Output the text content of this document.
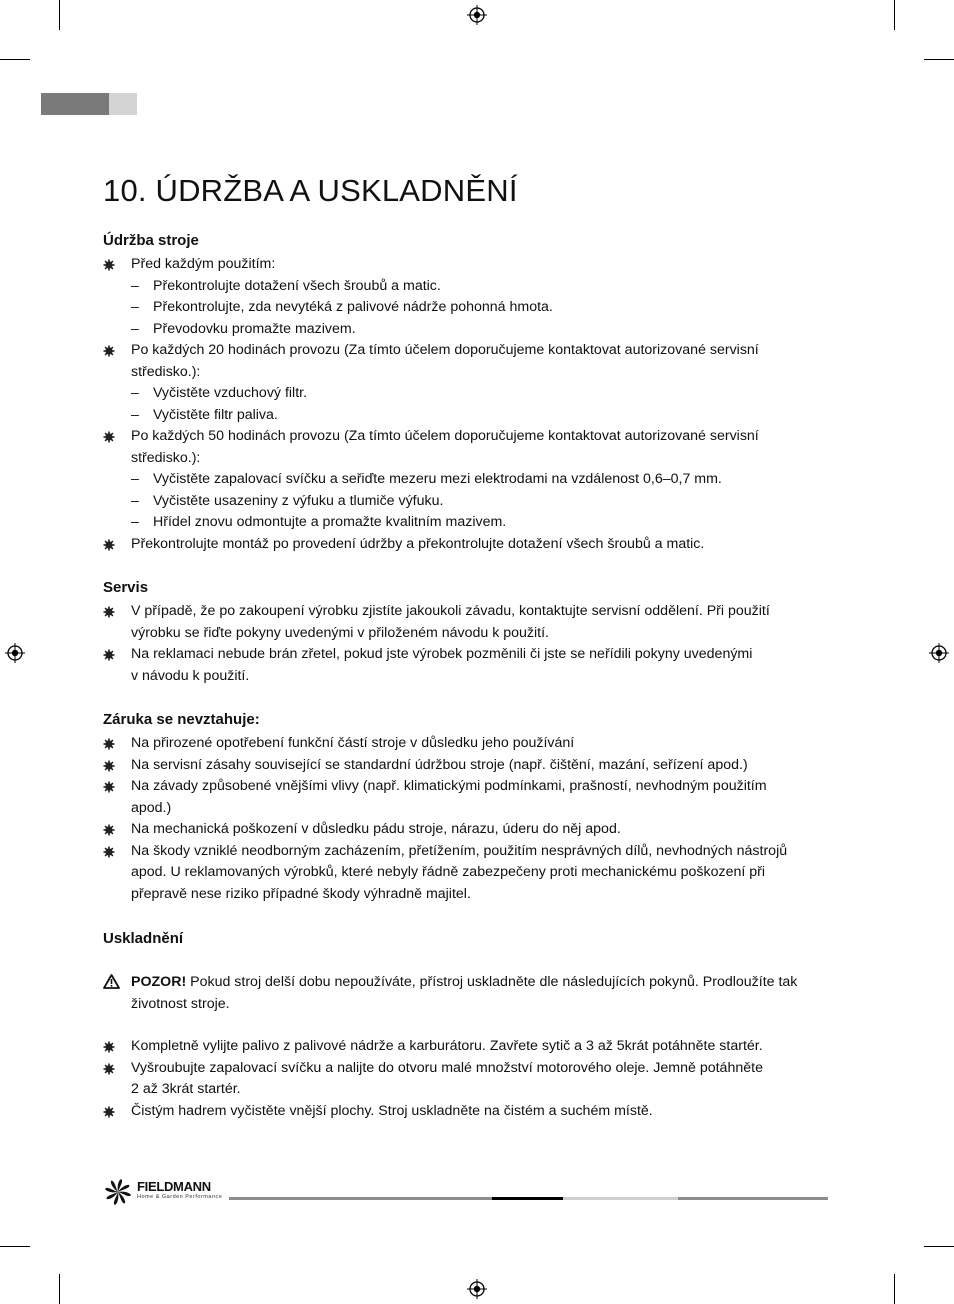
10. ÚDRŽBA A USKLADNĚNÍ
Údržba stroje
Před každým použitím:
– Překontrolujte dotažení všech šroubů a matic.
– Překontrolujte, zda nevytéká z palivové nádrže pohonná hmota.
– Převodovku promažte mazivem.
Po každých 20 hodinách provozu (Za tímto účelem doporučujeme kontaktovat autorizované servisní
středisko.):
– Vyčistěte vzduchový filtr.
– Vyčistěte filtr paliva.
Po každých 50 hodinách provozu (Za tímto účelem doporučujeme kontaktovat autorizované servisní
středisko.):
– Vyčistěte zapalovací svíčku a seřiďte mezeru mezi elektrodami na vzdálenost 0,6–0,7 mm.
– Vyčistěte usazeniny z výfuku a tlumiče výfuku.
– Hřídel znovu odmontujte a promažte kvalitním mazivem.
Překontrolujte montáž po provedení údržby a překontrolujte dotažení všech šroubů a matic.
Servis
V případě, že po zakoupení výrobku zjistíte jakoukoli závadu, kontaktujte servisní oddělení. Při použití
výrobku se řiďte pokyny uvedenými v přiloženém návodu k použití.
Na reklamaci nebude brán zřetel, pokud jste výrobek pozměnili či jste se neřídili pokyny uvedenými
v návodu k použití.
Záruka se nevztahuje:
Na přirozené opotřebení funkční částí stroje v důsledku jeho používání
Na servisní zásahy související se standardní údržbou stroje (např. čištění, mazání, seřízení apod.)
Na závady způsobené vnějšími vlivy (např. klimatickými podmínkami, prašností, nevhodným použitím
apod.)
Na mechanická poškození v důsledku pádu stroje, nárazu, úderu do něj apod.
Na škody vzniklé neodborným zacházením, přetížením, použitím nesprávných dílů, nevhodných nástrojů
apod. U reklamovaných výrobků, které nebyly řádně zabezpečeny proti mechanickému poškození při
přepravě nese riziko případné škody výhradně majitel.
Uskladnění
POZOR! Pokud stroj delší dobu nepoužíváte, přístroj uskladněte dle následujících pokynů. Prodloužíte tak
životnost stroje.
Kompletně vylijte palivo z palivové nádrže a karburátoru. Zavřete sytič a 3 až 5krát potáhněte startér.
Vyšroubujte zapalovací svíčku a nalijte do otvoru malé množství motorového oleje. Jemně potáhněte
2 až 3krát startér.
Čistým hadrem vyčistěte vnější plochy. Stroj uskladněte na čistém a suchém místě.
FIELDMANN
Home & Garden Performance
